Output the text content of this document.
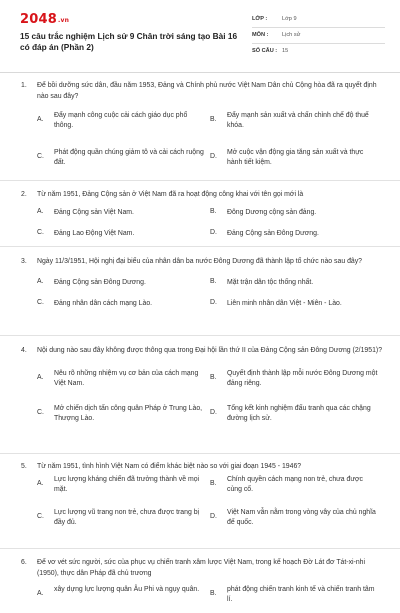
2048.vn
15 câu trắc nghiệm Lịch sử 9 Chân trời sáng tạo Bài 16 có đáp án (Phần 2)
LỚP :	Lớp 9
MÔN : Lịch sử
SỐ CÂU : 15
1. Để bồi dưỡng sức dân, đầu năm 1953, Đảng và Chính phủ nước Việt Nam Dân chủ Cộng hòa đã ra quyết định nào sau đây?
A.
Đẩy mạnh công cuộc cải cách giáo dục phổ thông.
B.
Đẩy mạnh sản xuất và chấn chỉnh chế độ thuế khóa.
C.
Phát động quần chúng giảm tô và cải cách ruộng đất.
D.
Mở cuộc vận động gia tăng sản xuất và thực hành tiết kiệm.
2. Từ năm 1951, Đảng Cộng sản ở Việt Nam đã ra hoạt động công khai với tên gọi mới là
A. Đảng Cộng sản Việt Nam.	B. Đông Dương cộng sản đảng.
C. Đảng Lao Động Việt Nam.	D. Đảng Cộng sản Đông Dương.
3. Ngày 11/3/1951, Hội nghị đại biểu của nhân dân ba nước Đông Dương đã thành lập tổ chức nào sau đây?
A. Đảng Cộng sản Đông Dương.	B. Mặt trận dân tộc thống nhất.
C. Đảng nhân dân cách mạng Lào.	D. Liên minh nhân dân Việt - Miên - Lào.
4. Nội dung nào sau đây không được thông qua trong Đại hội lần thứ II của Đảng Cộng sản Đông Dương (2/1951)?
A.
Nêu rõ những nhiệm vụ cơ bản của cách mạng Việt Nam.
B.
Quyết định thành lập mỗi nước Đông Dương một đảng riêng.
C.
Mở chiến dịch tấn công quân Pháp ở Trung Lào, Thượng Lào.
D.
Tổng kết kinh nghiệm đấu tranh qua các chặng đường lịch sử.
5. Từ năm 1951, tình hình Việt Nam có điểm khác biệt nào so với giai đoạn 1945 - 1946?
A.
Lực lượng kháng chiến đã trưởng thành về mọi mặt.
B.
Chính quyền cách mạng non trẻ, chưa được củng cố.
C.
Lực lượng vũ trang non trẻ, chưa được trang bị đầy đủ.
D.
Việt Nam vẫn nằm trong vòng vây của chủ nghĩa đế quốc.
6. Để vơ vét sức người, sức của phục vụ chiến tranh xâm lược Việt Nam, trong kế hoạch Đờ Lát đơ Tát-xi-nhi (1950), thực dân Pháp đã chủ trương
A.
xây dựng lực lượng quân Âu Phi và ngụy quân.
B.
phát động chiến tranh kinh tế và chiến tranh tâm lí.
